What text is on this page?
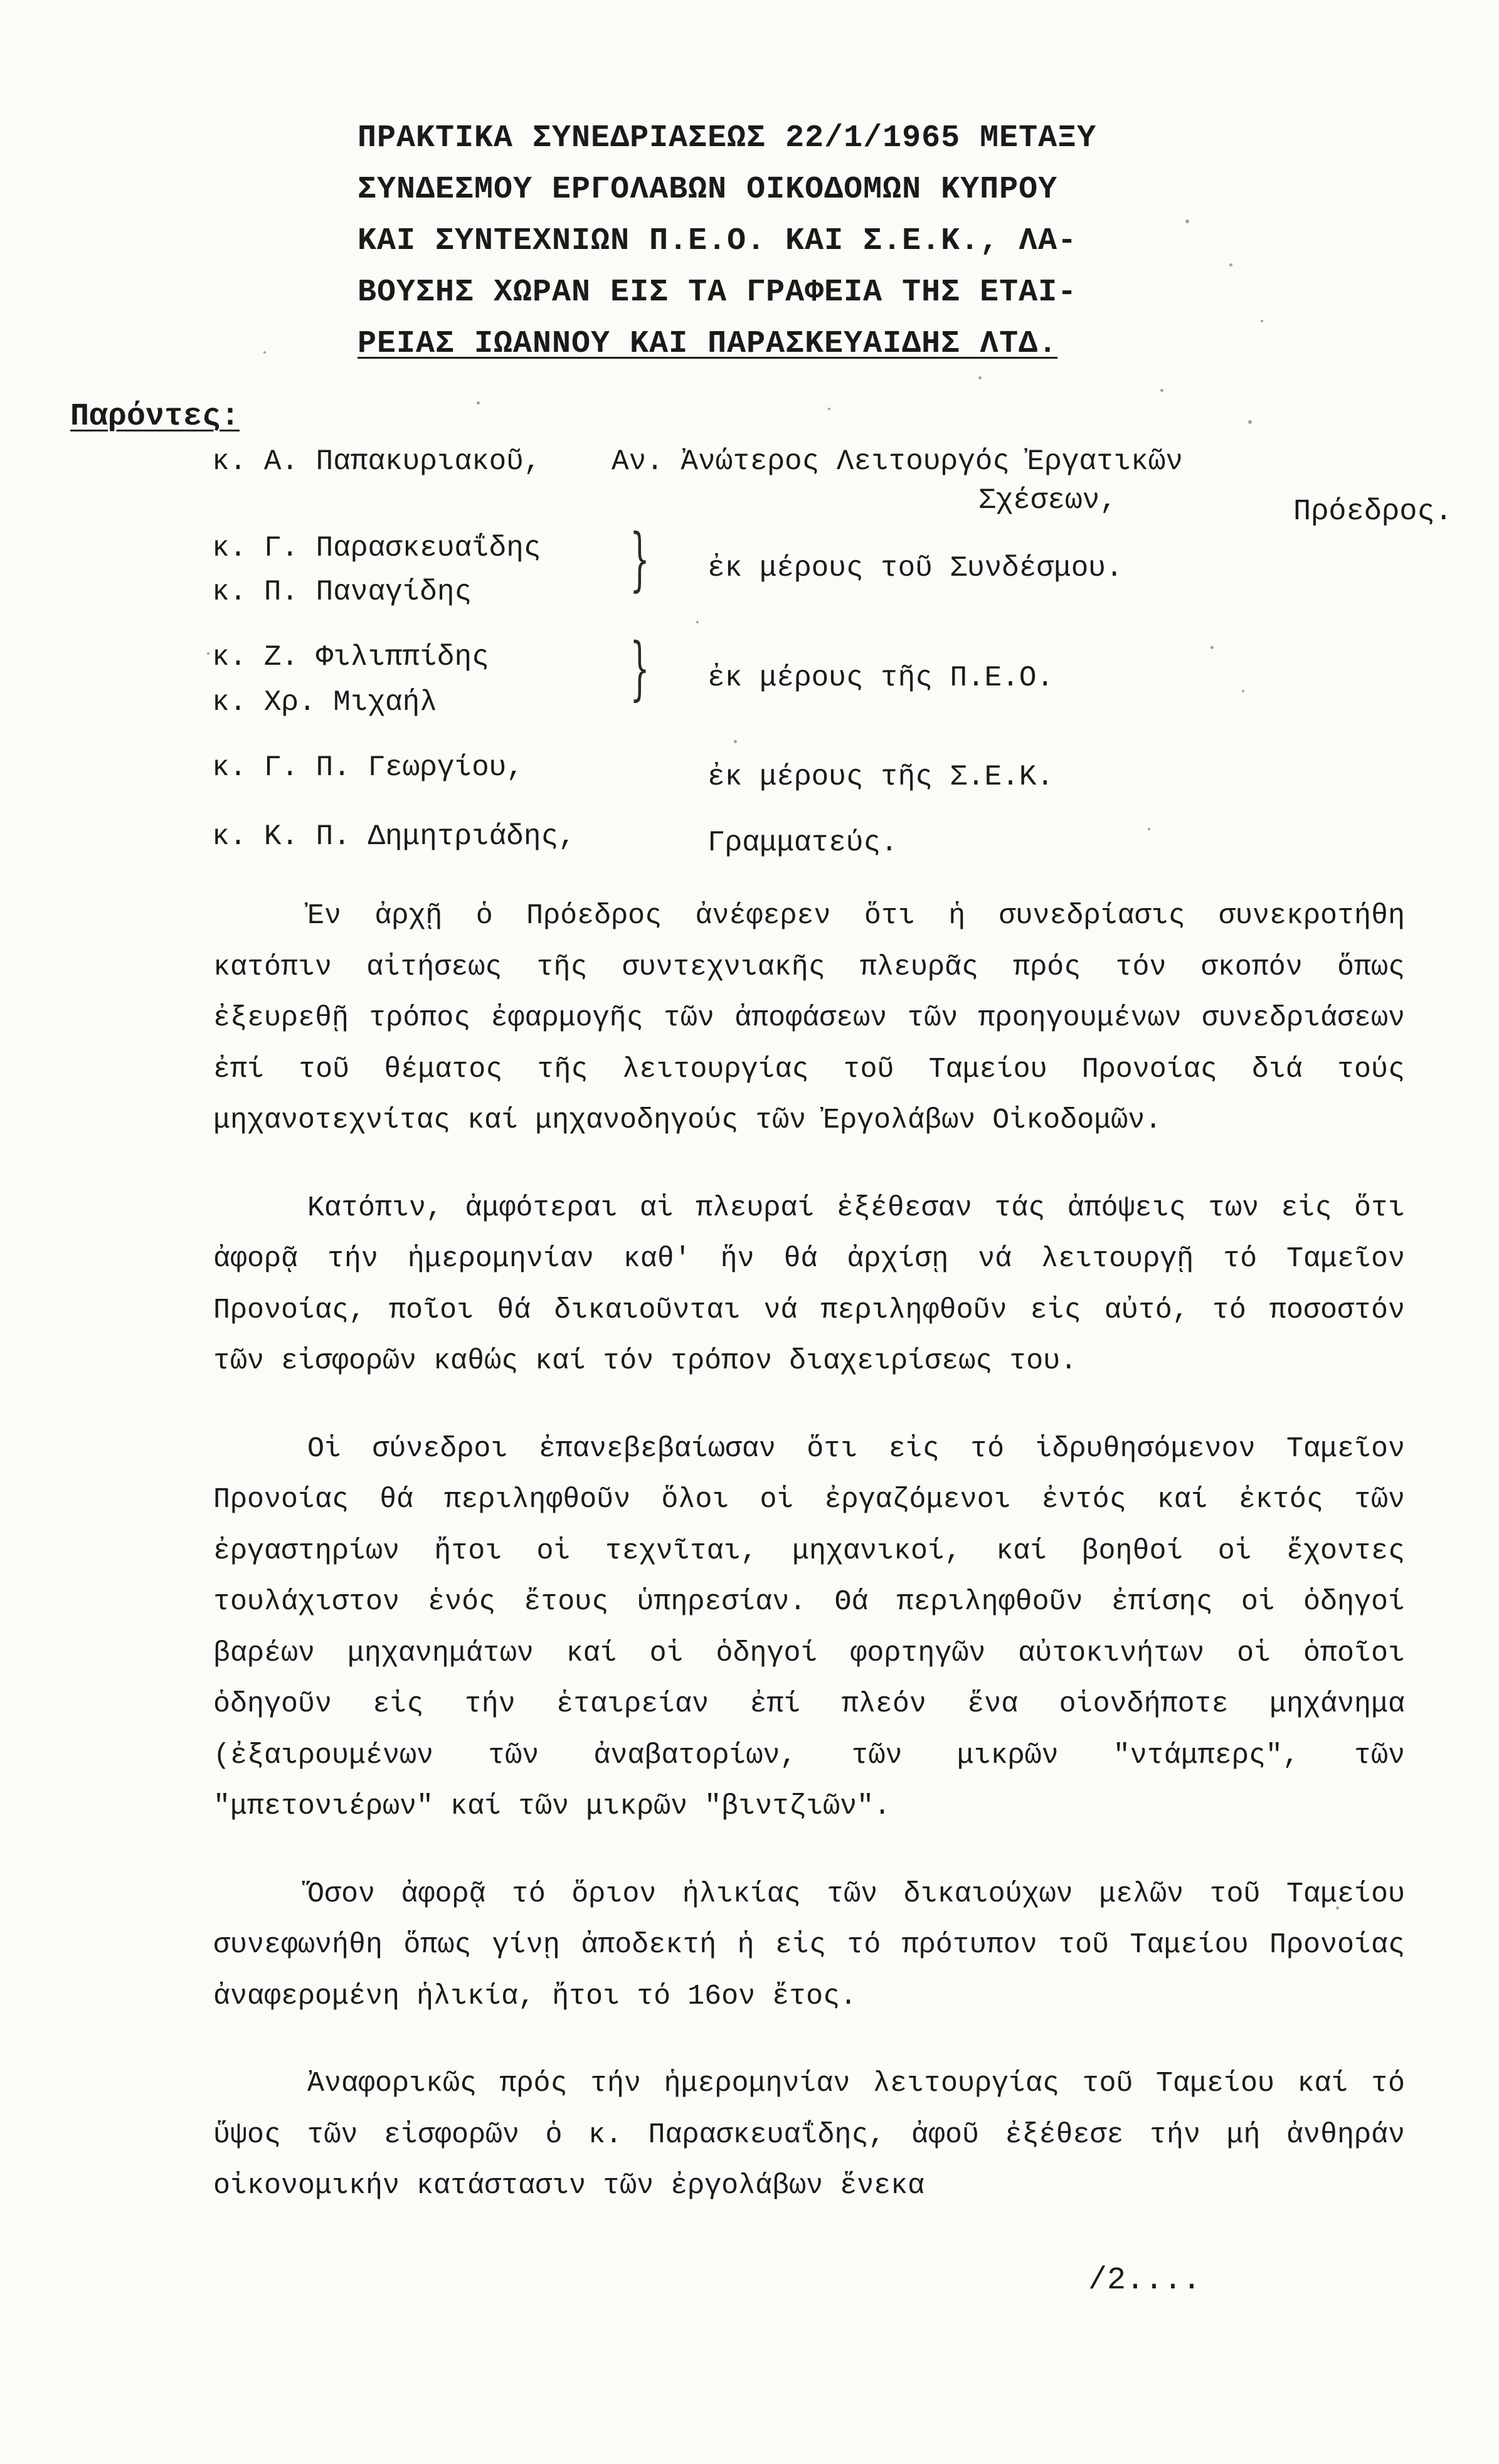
ΠΡΑΚΤΙΚΑ ΣΥΝΕΔΡΙΑΣΕΩΣ 22/1/1965 ΜΕΤΑΞΥ
ΣΥΝΔΕΣΜΟΥ ΕΡΓΟΛΑΒΩΝ ΟΙΚΟΔΟΜΩΝ ΚΥΠΡΟΥ
ΚΑΙ ΣΥΝΤΕΧΝΙΩΝ Π.Ε.Ο. ΚΑΙ Σ.Ε.Κ., ΛΑ-
ΒΟΥΣΗΣ ΧΩΡΑΝ ΕΙΣ ΤΑ ΓΡΑΦΕΙΑ ΤΗΣ ΕΤΑΙ-
ΡΕΙΑΣ ΙΩΑΝΝΟΥ ΚΑΙ ΠΑΡΑΣΚΕΥΑΙΔΗΣ ΛΤΔ.
Παρόντες:
κ. Α. Παπακυριακοῦ, Αν. Ἀνώτερος Λειτουργός Ἐργατικῶν
Σχέσεων,	Πρόεδρος.
κ. Γ. Παρασκευαΐδης
κ. Π. Παναγίδης } ἐκ μέρους τοῦ Συνδέσμου.
κ. Ζ. Φιλιππίδης
κ. Χρ. Μιχαήλ	} ἐκ μέρους τῆς Π.Ε.Ο.
κ. Γ. Π. Γεωργίου,	ἐκ μέρους τῆς Σ.Ε.Κ.
κ. Κ. Π. Δημητριάδης,	Γραμματεύς.

Ἐν ἀρχῇ ὁ Πρόεδρος ἀνέφερεν ὅτι ἡ συνεδρίασις συνεκροτήθη κατόπιν αἰτήσεως τῆς συντεχνιακῆς πλευρᾶς πρός τόν σκοπόν ὅπως ἐξευρεθῇ τρόπος ἐφαρμογῆς τῶν ἀποφάσεων τῶν προηγουμένων συνεδριάσεων ἐπί τοῦ θέματος τῆς λειτουργίας τοῦ Ταμείου Προνοίας διά τούς μηχανοτεχνίτας καί μηχανοδηγούς τῶν Ἐργολάβων Οἰκοδομῶν.

Κατόπιν, ἀμφότεραι αἱ πλευραί ἐξέθεσαν τάς ἀπόψεις των εἰς ὅτι ἀφορᾷ τήν ἡμερομηνίαν καθ' ἥν θά ἀρχίσῃ νά λειτουργῇ τό Ταμεῖον Προνοίας, ποῖοι θά δικαιοῦνται νά περιληφθοῦν εἰς αὐτό, τό ποσοστόν τῶν εἰσφορῶν καθώς καί τόν τρόπον διαχειρίσεως του.

Οἱ σύνεδροι ἐπανεβεβαίωσαν ὅτι εἰς τό ἱδρυθησόμενον Ταμεῖον Προνοίας θά περιληφθοῦν ὅλοι οἱ ἐργαζόμενοι ἐντός καί ἐκτός τῶν ἐργαστηρίων ἤτοι οἱ τεχνῖται, μηχανικοί, καί βοηθοί οἱ ἔχοντες τουλάχιστον ἑνός ἔτους ὑπηρεσίαν. Θά περιληφθοῦν ἐπίσης οἱ ὁδηγοί βαρέων μηχανημάτων καί οἱ ὁδηγοί φορτηγῶν αὐτοκινήτων οἱ ὁποῖοι ὁδηγοῦν εἰς τήν ἑταιρείαν ἐπί πλεόν ἕνα οἱονδήποτε μηχάνημα (ἐξαιρουμένων τῶν ἀναβατορίων, τῶν μικρῶν "ντάμπερς", τῶν "μπετονιέρων" καί τῶν μικρῶν "βιντζιῶν".

Ὅσον ἀφορᾷ τό ὅριον ἡλικίας τῶν δικαιούχων μελῶν τοῦ Ταμείου συνεφωνήθη ὅπως γίνῃ ἀποδεκτή ἡ εἰς τό πρότυπον τοῦ Ταμείου Προνοίας ἀναφερομένη ἡλικία, ἤτοι τό 16ον ἔτος.

Ἀναφορικῶς πρός τήν ἡμερομηνίαν λειτουργίας τοῦ Ταμείου καί τό ὕψος τῶν εἰσφορῶν ὁ κ. Παρασκευαΐδης, ἀφοῦ ἐξέθεσε τήν μή ἀνθηράν οἰκονομικήν κατάστασιν τῶν ἐργολάβων ἕνεκα

/2....
